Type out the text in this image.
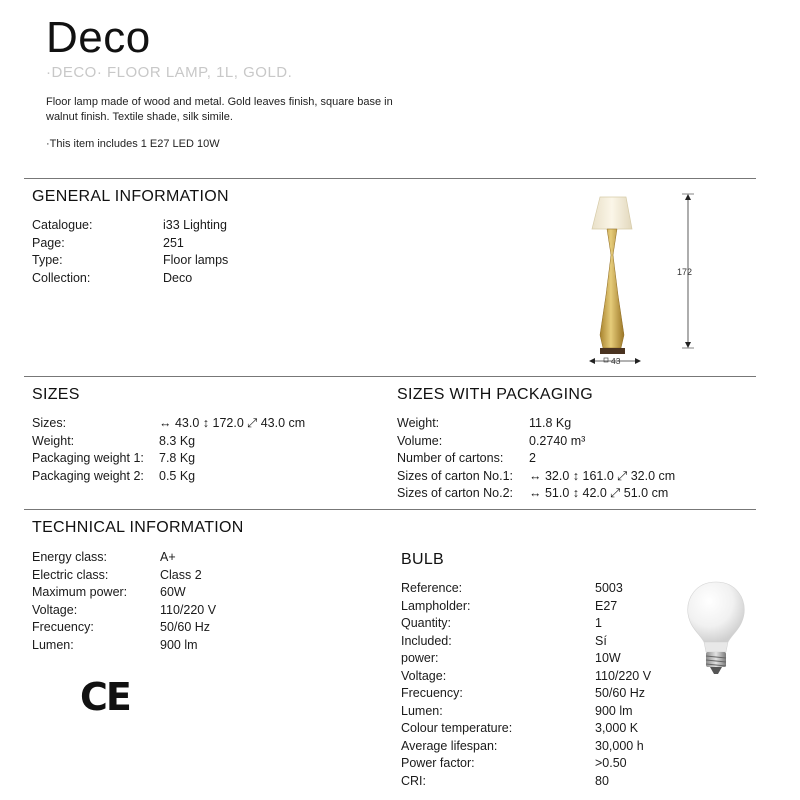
Deco
·DECO· FLOOR LAMP, 1L, GOLD.
Floor lamp made of wood and metal. Gold leaves finish, square base in walnut finish. Textile shade, silk simile.
·This item includes 1 E27 LED 10W
GENERAL INFORMATION
Catalogue:	i33 Lighting
Page:	251
Type:	Floor lamps
Collection:	Deco	172
43
SIZES
Sizes:	↔ 43.0 ↕ 172.0 ⤢ 43.0 cm
Weight:	8.3 Kg
Packaging weight 1:	7.8 Kg
Packaging weight 2:	0.5 Kg
SIZES WITH PACKAGING
Weight:	11.8 Kg
Volume:	0.2740 m³
Number of cartons:	2
Sizes of carton No.1:	↔ 32.0 ↕ 161.0 ⤢ 32.0 cm
Sizes of carton No.2:	↔ 51.0 ↕ 42.0 ⤢ 51.0 cm
TECHNICAL INFORMATION
Energy class:	A+
Electric class:	Class 2
Maximum power:	60W
Voltage:	110/220 V
Frecuency:	50/60 Hz
Lumen:	900 lm
CE
BULB
Reference:	5003
Lampholder:	E27
Quantity:	1
Included:	Sí
power:	10W
Voltage:	110/220 V
Frecuency:	50/60 Hz
Lumen:	900 lm
Colour temperature:	3,000 K
Average lifespan:	30,000 h
Power factor:	>0.50
CRI:	80
